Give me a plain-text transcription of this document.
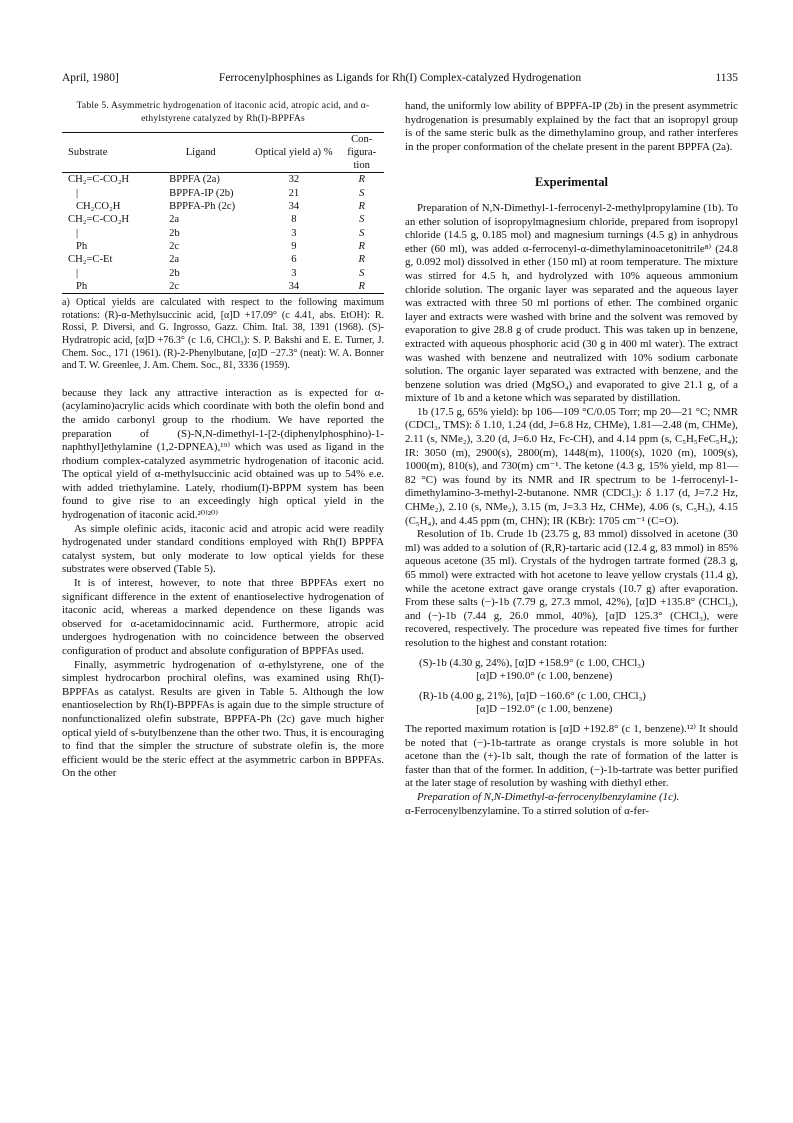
April, 1980]	Ferrocenylphosphines as Ligands for Rh(I) Complex-catalyzed Hydrogenation	1135

Table 5. Asymmetric hydrogenation of itaconic acid, atropic acid, and α-ethylstyrene catalyzed by Rh(I)-BPPFAs

Substrate	Ligand	Optical yield a) %	Con-figura-tion
CH₂=C-CO₂H	BPPFA (2a)	32	R
|	BPPFA-IP (2b)	21	S
CH₂CO₂H	BPPFA-Ph (2c)	34	R
CH₂=C-CO₂H	2a	8	S
|	2b	3	S
Ph	2c	9	R
CH₂=C-Et	2a	6	R
|	2b	3	S
Ph	2c	34	R
a) Optical yields are calculated with respect to the following maximum rotations: (R)-α-Methylsuccinic acid, [α]D +17.09° (c 4.41, abs. EtOH): R. Rossi, P. Diversi, and G. Ingrosso, Gazz. Chim. Ital. 38, 1391 (1968). (S)-Hydratropic acid, [α]D +76.3° (c 1.6, CHCl₃): S. P. Bakshi and E. E. Turner, J. Chem. Soc., 171 (1961). (R)-2-Phenylbutane, [α]D −27.3° (neat): W. A. Bonner and T. W. Greenlee, J. Am. Chem. Soc., 81, 3336 (1959).

because they lack any attractive interaction as is expected for α-(acylamino)acrylic acids which coordinate with both the olefin bond and the amido carbonyl group to the rhodium. We have reported the preparation of (S)-N,N-dimethyl-1-[2-(diphenylphosphino)-1-naphthyl]ethylamine (1,2-DPNEA),¹⁹⁾ which was used as ligand in the rhodium complex-catalyzed asymmetric hydrogenation of itaconic acid. The optical yield of α-methylsuccinic acid obtained was up to 54% e.e. with added triethylamine. Lately, rhodium(I)-BPPM system has been found to give rise to an exceedingly high optical yield in the hydrogenation of itaconic acid.²⁰⁾²⁰⁾

As simple olefinic acids, itaconic acid and atropic acid were readily hydrogenated under standard conditions employed with Rh(I) BPPFA catalyst system, but only moderate to low optical yields for these substrates were observed (Table 5).

It is of interest, however, to note that three BPPFAs exert no significant difference in the extent of enantioselective hydrogenation of itaconic acid, whereas a marked dependence on these ligands was observed for α-acetamidocinnamic acid. Furthermore, atropic acid undergoes hydrogenation with no coincidence between the observed configuration of product and absolute configuration of BPPFAs used.

Finally, asymmetric hydrogenation of α-ethylstyrene, one of the simplest hydrocarbon prochiral olefins, was examined using Rh(I)-BPPFAs as catalyst. Results are given in Table 5. Although the low enantioselection by Rh(I)-BPPFAs is again due to the simple structure of nonfunctionalized olefin substrate, BPPFA-Ph (2c) gave much higher optical yield of s-butylbenzene than the other two. Thus, it is encouraging to find that the simpler the structure of substrate olefin is, the more efficient would be the steric effect at the asymmetric carbon in BPPFAs. On the other

hand, the uniformly low ability of BPPFA-IP (2b) in the present asymmetric hydrogenation is presumably explained by the fact that an isopropyl group is of the same steric bulk as the dimethylamino group, and rather interferes in the proper conformation of the chelate present in the parent BPPFA (2a).

Experimental

Preparation of N,N-Dimethyl-1-ferrocenyl-2-methylpropylamine (1b). To an ether solution of isopropylmagnesium chloride, prepared from isopropyl chloride (14.5 g, 0.185 mol) and magnesium turnings (4.5 g) in anhydrous ether (60 ml), was added α-ferrocenyl-α-dimethylaminoacetonitrile⁸⁾ (24.8 g, 0.092 mol) dissolved in ether (150 ml) at room temperature. The mixture was stirred for 4.5 h, and hydrolyzed with 10% aqueous ammonium chloride solution. The organic layer was separated and the aqueous layer was extracted with three 50 ml portions of ether. The combined organic layer and extracts were washed with brine and the solvent was removed by evaporation to give 28.8 g of crude product. This was taken up in benzene, extracted with aqueous phosphoric acid (30 g in 400 ml water). The extract was washed with benzene and neutralized with 10% sodium carbonate solution. The organic layer separated was extracted with benzene, and the benzene solution was dried (MgSO₄) and evaporated to give 21.1 g, of a mixture of 1b and a ketone which was separated by distillation.

1b (17.5 g, 65% yield): bp 106—109 °C/0.05 Torr; mp 20—21 °C; NMR (CDCl₃, TMS): δ 1.10, 1.24 (dd, J=6.8 Hz, CHMe), 1.81—2.48 (m, CHMe), 2.11 (s, NMe₂), 3.20 (d, J=6.0 Hz, Fc-CH), and 4.14 ppm (s, C₅H₅FeC₅H₄); IR: 3050 (m), 2900(s), 2800(m), 1448(m), 1100(s), 1020 (m), 1009(s), 1000(m), 810(s), and 730(m) cm⁻¹. The ketone (4.3 g, 15% yield, mp 81—82 °C) was found by its NMR and IR spectrum to be 1-ferrocenyl-1-dimethylamino-3-methyl-2-butanone. NMR (CDCl₃): δ 1.17 (d, J=7.2 Hz, CHMe₂), 2.10 (s, NMe₂), 3.15 (m, J=3.3 Hz, CHMe), 4.06 (s, C₅H₅), 4.15 (C₅H₄), and 4.45 ppm (m, CHN); IR (KBr): 1705 cm⁻¹ (C=O).

Resolution of 1b. Crude 1b (23.75 g, 83 mmol) dissolved in acetone (30 ml) was added to a solution of (R,R)-tartaric acid (12.4 g, 83 mmol) in 85% aqueous acetone (35 ml). Crystals of the hydrogen tartrate formed (28.3 g, 65 mmol) were extracted with hot acetone to leave yellow crystals (11.4 g), while the acetone extract gave orange crystals (10.7 g) after evaporation. From these salts (−)-1b (7.79 g, 27.3 mmol, 42%), [α]D +135.8° (CHCl₃), and (−)-1b (7.44 g, 26.0 mmol, 40%), [α]D 125.3° (CHCl₃), were recovered, respectively. The procedure was repeated five times for further resolution to the highest and constant rotation:

(S)-1b (4.30 g, 24%), [α]D +158.9° (c 1.00, CHCl₃)
[α]D +190.0° (c 1.00, benzene)
(R)-1b (4.00 g, 21%), [α]D −160.6° (c 1.00, CHCl₃)
[α]D −192.0° (c 1.00, benzene)

The reported maximum rotation is [α]D +192.8° (c 1, benzene).¹²⁾ It should be noted that (−)-1b-tartrate as orange crystals is more soluble in hot acetone than the (+)-1b salt, though the rate of formation of the latter is faster than that of the former. In addition, (−)-1b-tartrate was better purified at the later stage of resolution by washing with diethyl ether.

Preparation of N,N-Dimethyl-α-ferrocenylbenzylamine (1c).

α-Ferrocenylbenzylamine. To a stirred solution of α-fer-
